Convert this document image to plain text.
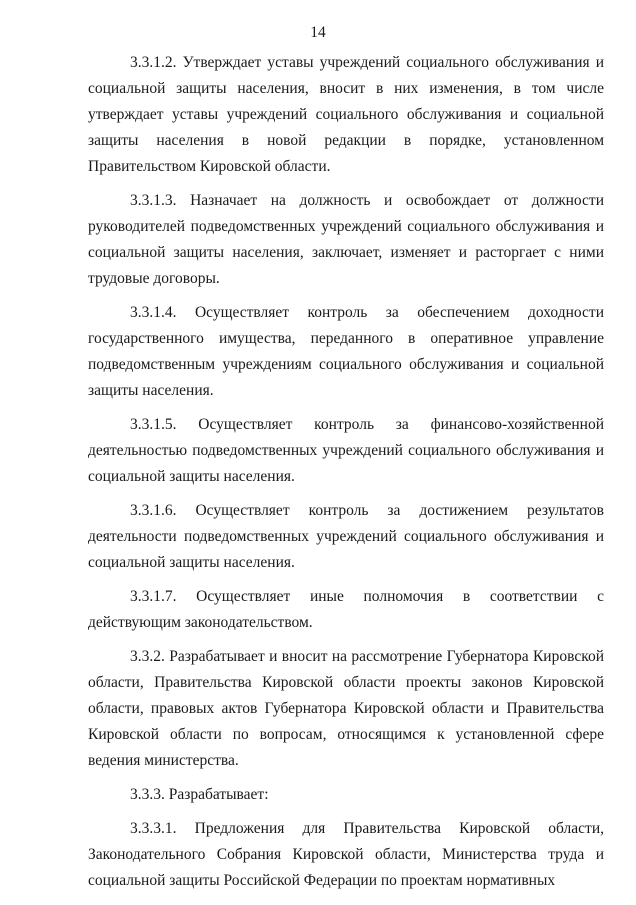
14

3.3.1.2. Утверждает уставы учреждений социального обслуживания и социальной защиты населения, вносит в них изменения, в том числе утверждает уставы учреждений социального обслуживания и социальной защиты населения в новой редакции в порядке, установленном Правительством Кировской области.

3.3.1.3. Назначает на должность и освобождает от должности руководителей подведомственных учреждений социального обслуживания и социальной защиты населения, заключает, изменяет и расторгает с ними трудовые договоры.

3.3.1.4. Осуществляет контроль за обеспечением доходности государственного имущества, переданного в оперативное управление подведомственным учреждениям социального обслуживания и социальной защиты населения.

3.3.1.5. Осуществляет контроль за финансово-хозяйственной деятельностью подведомственных учреждений социального обслуживания и социальной защиты населения.

3.3.1.6. Осуществляет контроль за достижением результатов деятельности подведомственных учреждений социального обслуживания и социальной защиты населения.

3.3.1.7. Осуществляет иные полномочия в соответствии с действующим законодательством.

3.3.2. Разрабатывает и вносит на рассмотрение Губернатора Кировской области, Правительства Кировской области проекты законов Кировской области, правовых актов Губернатора Кировской области и Правительства Кировской области по вопросам, относящимся к установленной сфере ведения министерства.

3.3.3. Разрабатывает:

3.3.3.1. Предложения для Правительства Кировской области, Законодательного Собрания Кировской области, Министерства труда и социальной защиты Российской Федерации по проектам нормативных
